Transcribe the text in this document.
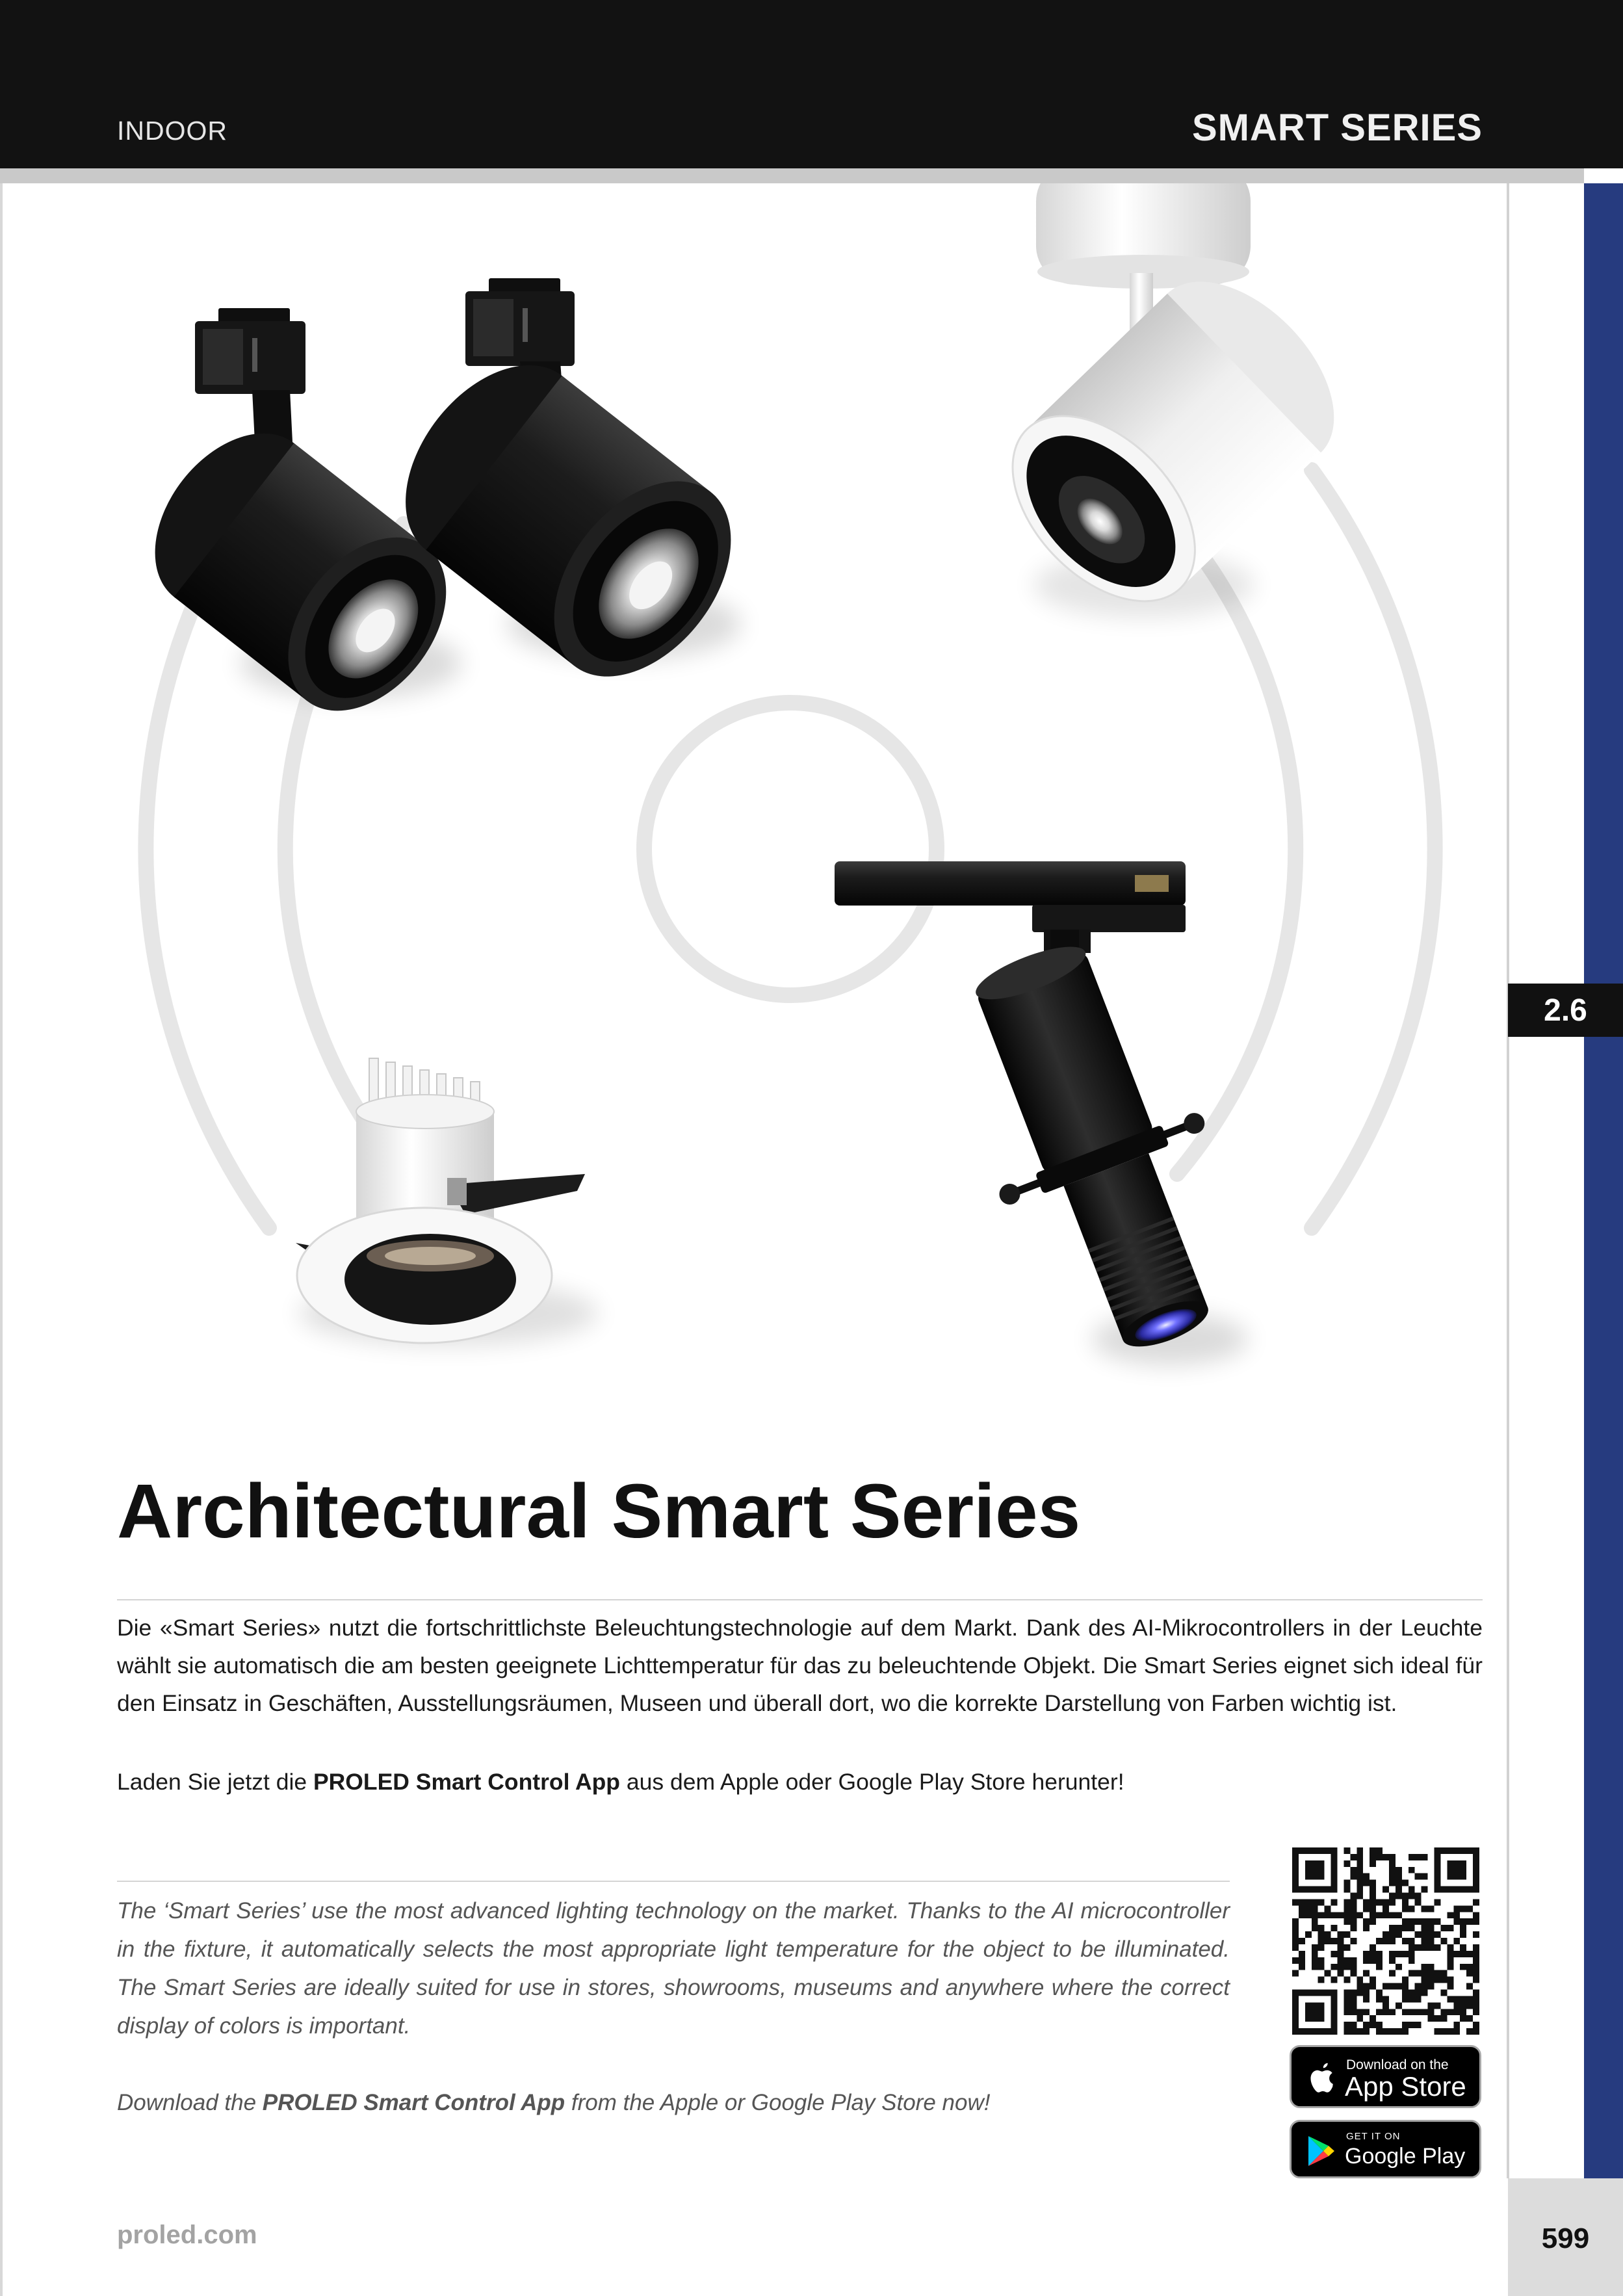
INDOOR	SMART SERIES
2.6
Architectural Smart Series
Die «Smart Series» nutzt die fortschrittlichste Beleuchtungstechnologie auf dem Markt. Dank des AI-Mikrocontrollers in der Leuchte
wählt sie automatisch die am besten geeignete Lichttemperatur für das zu beleuchtende Objekt. Die Smart Series eignet sich ideal für
den Einsatz in Geschäften, Ausstellungsräumen, Museen und überall dort, wo die korrekte Darstellung von Farben wichtig ist.
Laden Sie jetzt die PROLED Smart Control App aus dem Apple oder Google Play Store herunter!
The ‘Smart Series’ use the most advanced lighting technology on the market. Thanks to the AI microcontroller
in the fixture, it automatically selects the most appropriate light temperature for the object to be illuminated.
The Smart Series are ideally suited for use in stores, showrooms, museums and anywhere where the correct
display of colors is important.
Download the PROLED Smart Control App from the Apple or Google Play Store now!
Download on the
App Store
GET IT ON
Google Play
proled.com	599
